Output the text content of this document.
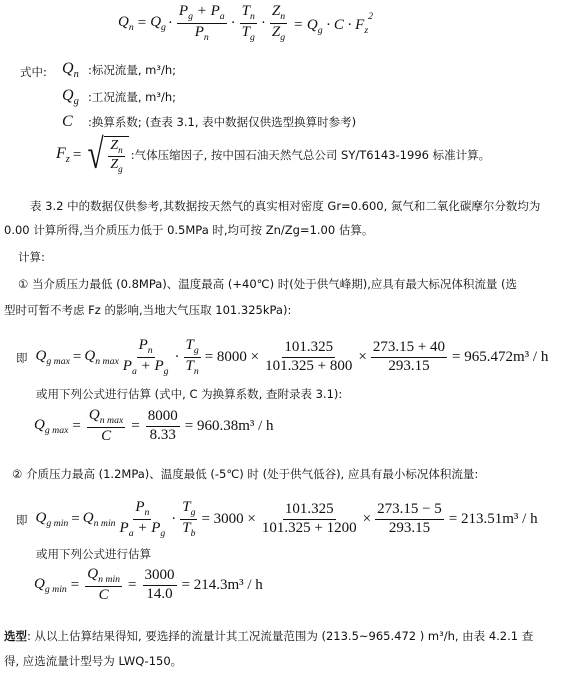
$Q_n = Q_g \cdot \frac{P_g + P_a}{P_n} \cdot \frac{T_n}{T_g} \cdot \frac{Z_n}{Z_g} = Q_g \cdot C \cdot F_z^2$
式中: $Q_n$ :标况流量, m³/h;
$Q_g$ :工况流量, m³/h;
C	:换算系数; (查表 3.1, 表中数据仅供选型换算时参考)
$F_z$ = √ $\frac{Z_n}{Z_g}$ :气体压缩因子, 按中国石油天然气总公司 SY/T6143-1996 标准计算。
表 3.2 中的数据仅供参考,其数据按天然气的真实相对密度 Gr=0.600, 氮气和二氧化碳摩尔分数均为
0.00 计算所得,当介质压力低于 0.5MPa 时,均可按 Zn/Zg=1.00 估算。
计算:
① 当介质压力最低 (0.8MPa)、温度最高 (+40℃) 时(处于供气峰期),应具有最大标况体积流量 (选
型时可暂不考虑 Fz 的影响,当地大气压取 101.325kPa):
即 $Q_{g max} = Q_{n max} \frac{P_n}{P_a + P_g} \cdot \frac{T_g}{T_n} = 8000 \times \frac{101.325}{101.325 + 800} \times \frac{273.15 + 40}{293.15} = 965.472m^3 / h$
或用下列公式进行估算 (式中, C 为换算系数, 查附录表 3.1):
$Q_{g max} = \frac{Q_{n max}}{C} = \frac{8000}{8.33} = 960.38m^3 / h$
② 介质压力最高 (1.2MPa)、温度最低 (-5℃) 时 (处于供气低谷), 应具有最小标况体积流量:
即 $Q_{g min} = Q_{n min} \frac{P_n}{P_a + P_g} \cdot \frac{T_g}{T_b} = 3000 \times \frac{101.325}{101.325 + 1200} \times \frac{273.15 - 5}{293.15} = 213.51m^3 / h$
或用下列公式进行估算
$Q_{g min} = \frac{Q_{n min}}{C} = \frac{3000}{14.0} = 214.3m^3 / h$
选型: 从以上估算结果得知, 要选择的流量计其工况流量范围为 (213.5~965.472 ) m³/h, 由表 4.2.1 查
得, 应选流量计型号为 LWQ-150。
